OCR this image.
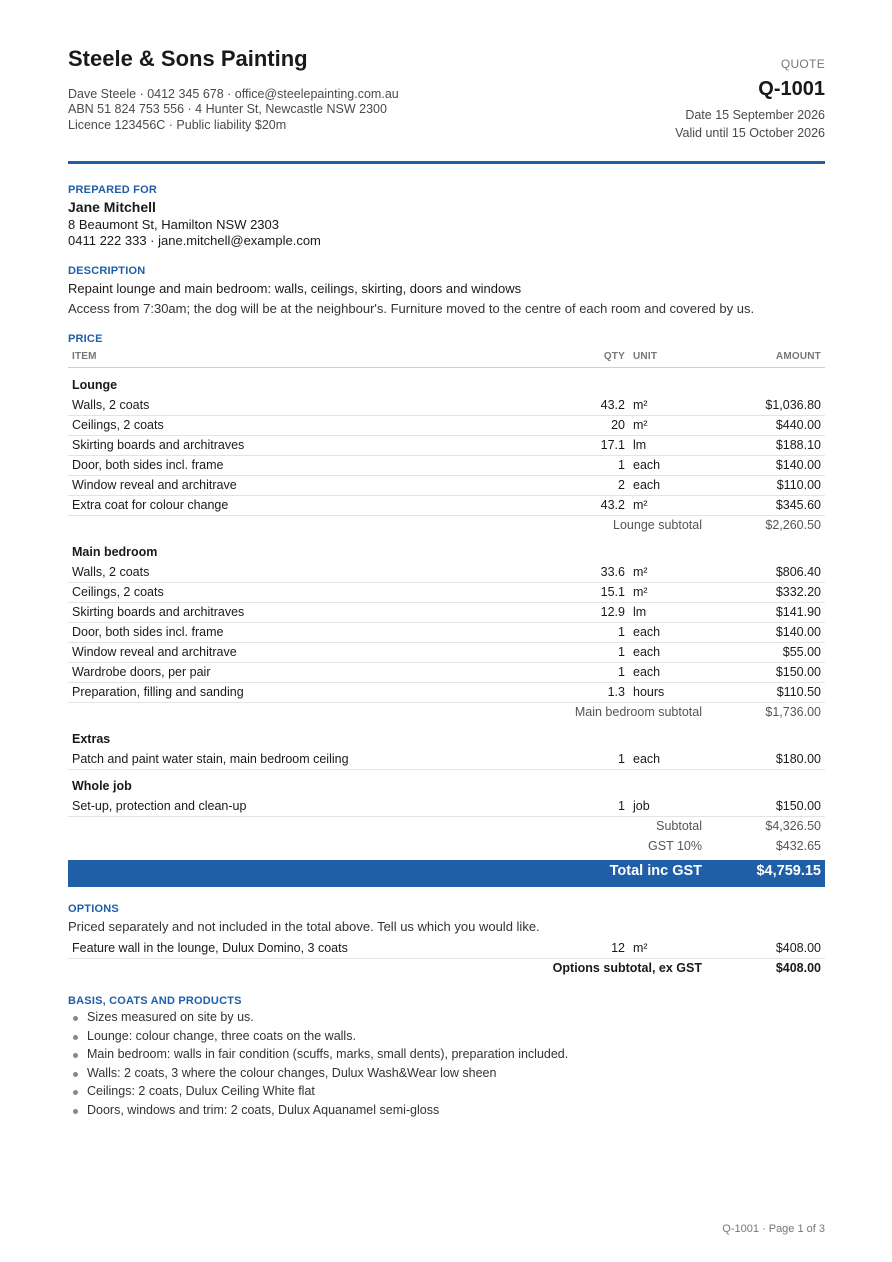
Steele & Sons Painting
Dave Steele · 0412 345 678 · office@steelepainting.com.au
ABN 51 824 753 556 · 4 Hunter St, Newcastle NSW 2300
Licence 123456C · Public liability $20m
QUOTE
Q-1001
Date 15 September 2026
Valid until 15 October 2026
PREPARED FOR
Jane Mitchell
8 Beaumont St, Hamilton NSW 2303
0411 222 333 · jane.mitchell@example.com
DESCRIPTION
Repaint lounge and main bedroom: walls, ceilings, skirting, doors and windows
Access from 7:30am; the dog will be at the neighbour's. Furniture moved to the centre of each room and covered by us.
PRICE
ITEM	QTY UNIT	AMOUNT
Lounge
Walls, 2 coats	43.2 m²	$1,036.80
Ceilings, 2 coats	20 m²	$440.00
Skirting boards and architraves	17.1 lm	$188.10
Door, both sides incl. frame	1 each	$140.00
Window reveal and architrave	2 each	$110.00
Extra coat for colour change	43.2 m²	$345.60
Lounge subtotal	$2,260.50
Main bedroom
Walls, 2 coats	33.6 m²	$806.40
Ceilings, 2 coats	15.1 m²	$332.20
Skirting boards and architraves	12.9 lm	$141.90
Door, both sides incl. frame	1 each	$140.00
Window reveal and architrave	1 each	$55.00
Wardrobe doors, per pair	1 each	$150.00
Preparation, filling and sanding	1.3 hours	$110.50
Main bedroom subtotal	$1,736.00
Extras
Patch and paint water stain, main bedroom ceiling	1 each	$180.00
Whole job
Set-up, protection and clean-up	1 job	$150.00
Subtotal	$4,326.50
GST 10%	$432.65
Total inc GST	$4,759.15
OPTIONS
Priced separately and not included in the total above. Tell us which you would like.
Feature wall in the lounge, Dulux Domino, 3 coats	12 m²	$408.00
Options subtotal, ex GST	$408.00
BASIS, COATS AND PRODUCTS
Sizes measured on site by us.
Lounge: colour change, three coats on the walls.
Main bedroom: walls in fair condition (scuffs, marks, small dents), preparation included.
Walls: 2 coats, 3 where the colour changes, Dulux Wash&Wear low sheen
Ceilings: 2 coats, Dulux Ceiling White flat
Doors, windows and trim: 2 coats, Dulux Aquanamel semi-gloss
Q-1001 · Page 1 of 3
